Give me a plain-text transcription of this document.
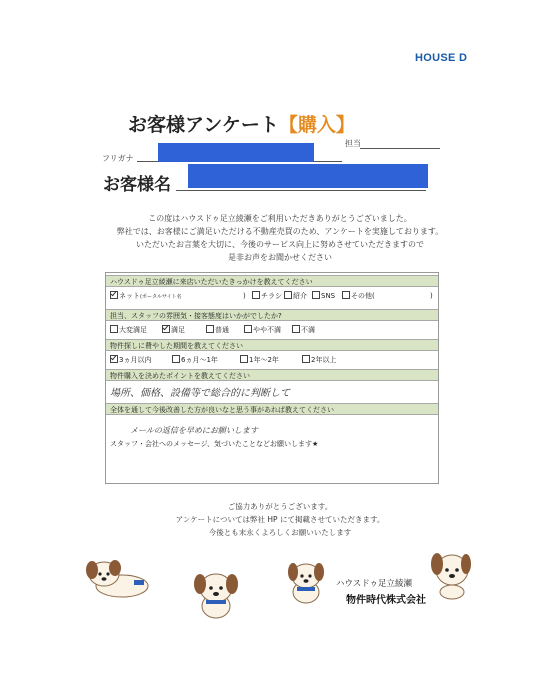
HOUSE D
お客様アンケート【購入】
担当
フリガナ
お客様名
この度はハウスドゥ足立綾瀬をご利用いただきありがとうございました。
弊社では、お客様にご満足いただける不動産売買のため、アンケートを実施しております。
いただいたお言葉を大切に、今後のサービス向上に努めさせていただきますので
是非お声をお聞かせください
ハウスドゥ足立綾瀬に来店いただいたきっかけを教えてください
ネット(ポータルサイト名	)	チラシ	紹介	SNS	その他(	)
担当、スタッフの雰囲気・接客態度はいかがでしたか?
大変満足	満足	普通	やや不満	不満
物件探しに費やした期間を教えてください
3ヵ月以内	6ヵ月〜1年	1年〜2年	2年以上
物件購入を決めたポイントを教えてください
場所、価格、設備等で総合的に判断して
全体を通して今後改善した方が良いなと思う事があれば教えてください
メールの返信を早めにお願いします
スタッフ・会社へのメッセージ、気づいたことなどお願いします★
ご協力ありがとうございます。
アンケートについては弊社 HP にて掲載させていただきます。
今後とも末永くよろしくお願いいたします
ハウスドゥ足立綾瀬
物件時代株式会社
